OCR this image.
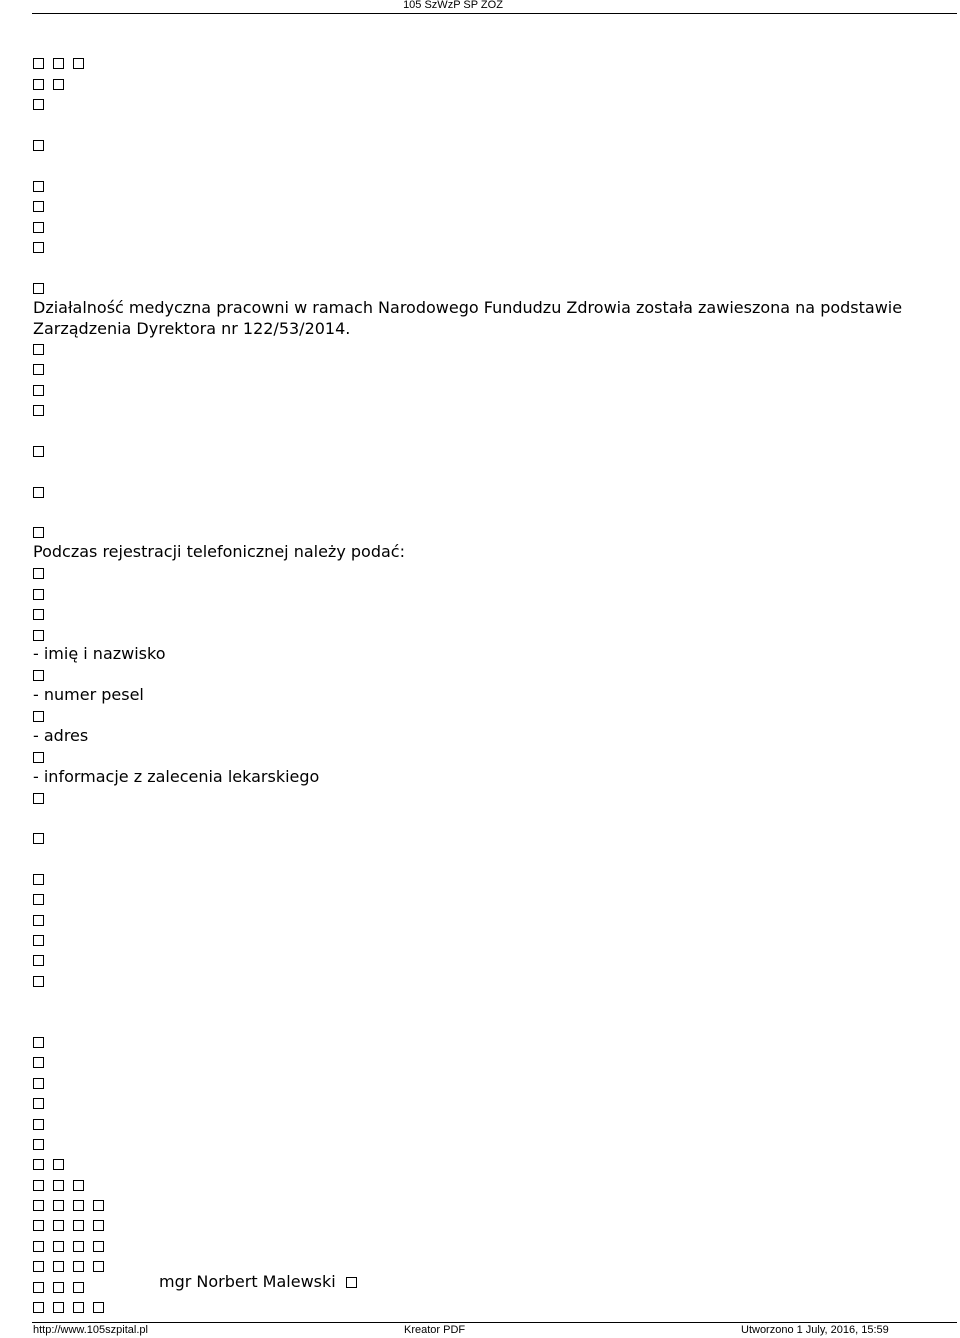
105 SzWzP SP ZOZ
Działalność medyczna pracowni w ramach Narodowego Fundudzu Zdrowia została zawieszona na podstawie Zarządzenia Dyrektora nr 122/53/2014.
Podczas rejestracji telefonicznej należy podać:
- imię i nazwisko
- numer pesel
- adres
- informacje z zalecenia lekarskiego
mgr Norbert Malewski
http://www.105szpital.pl	Kreator PDF	Utworzono 1 July, 2016, 15:59
